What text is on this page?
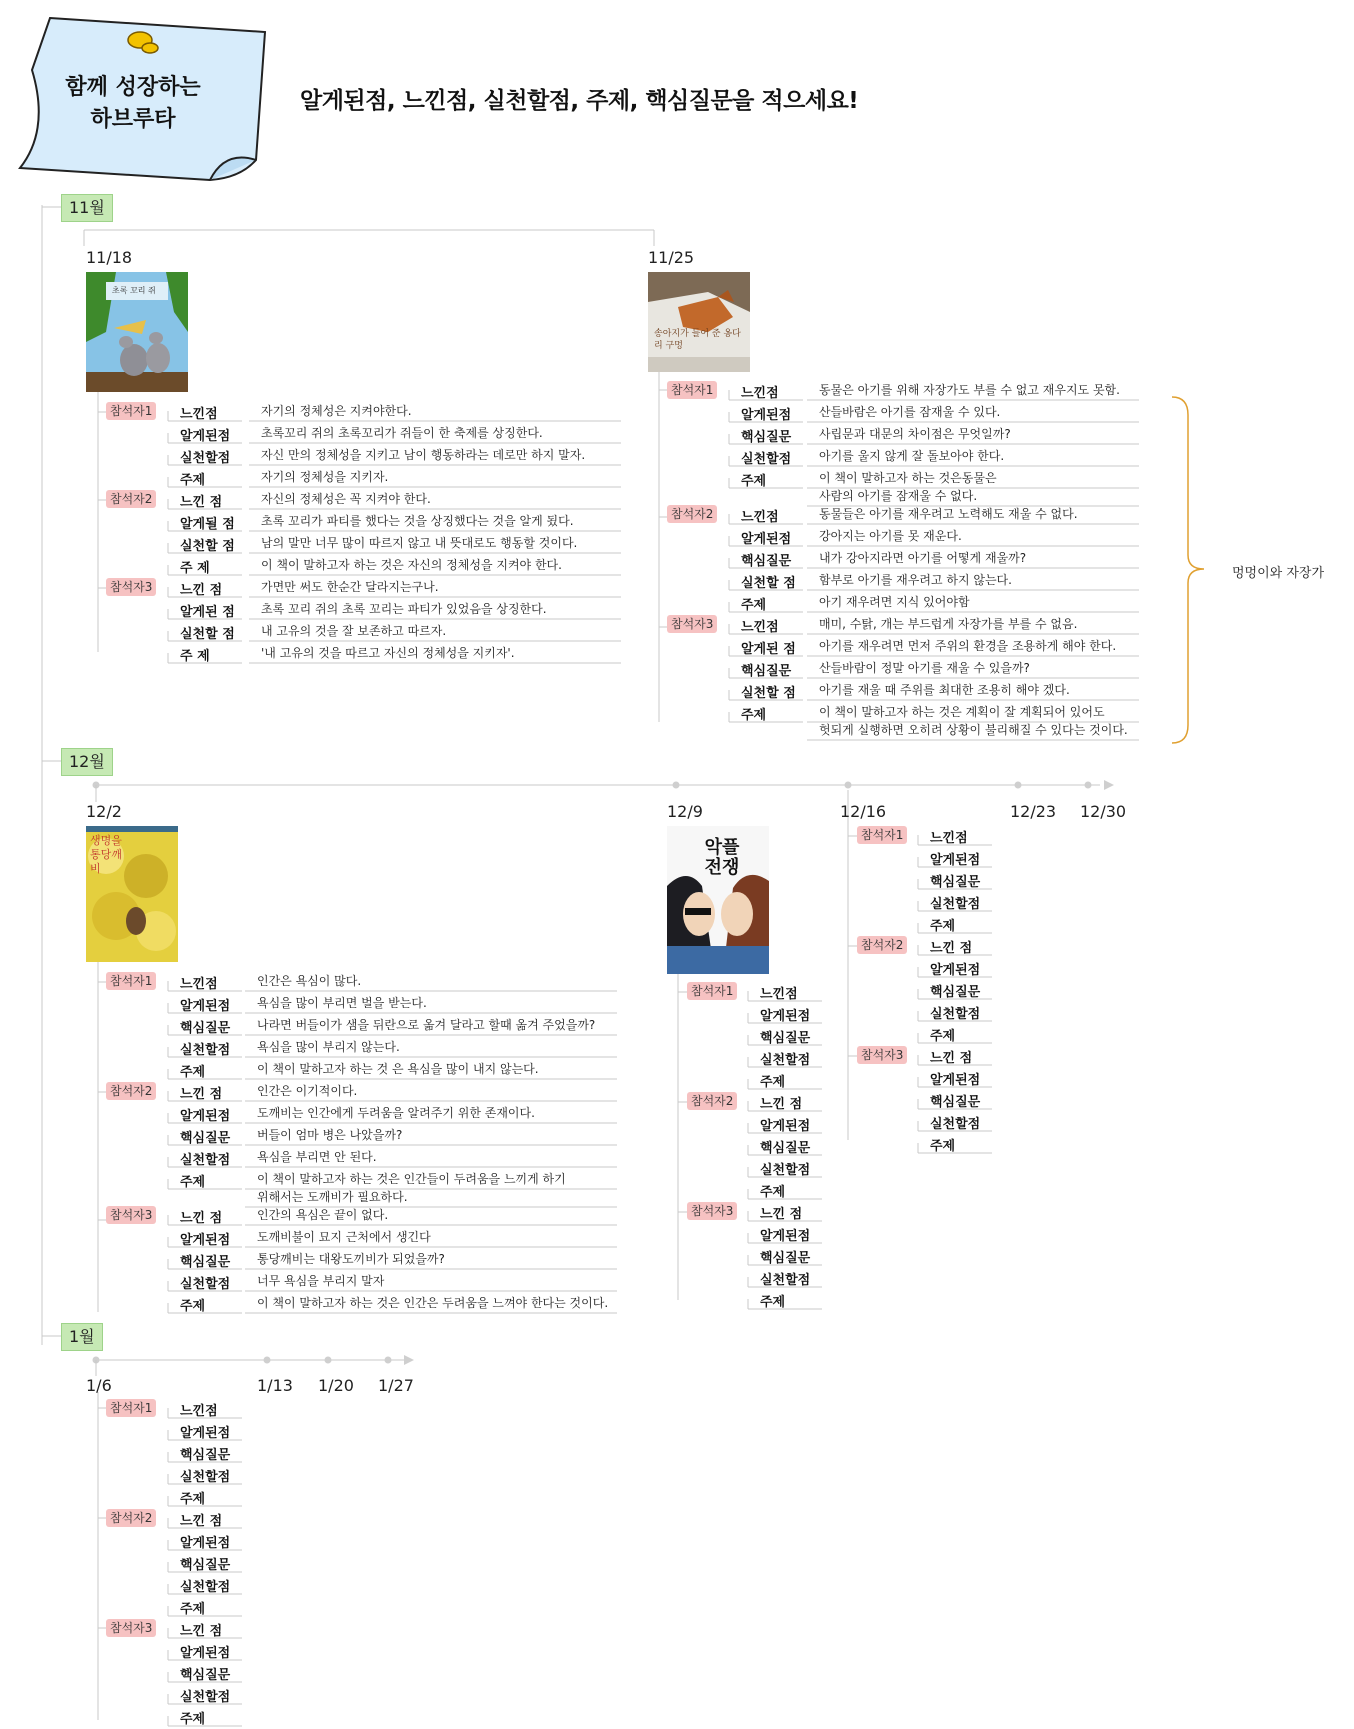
함께 성장하는
하브루타
알게된점, 느낀점, 실천할점, 주제, 핵심질문을 적으세요!
11월
12월
1월
11/18	11/25
12/2	12/9	12/16	12/23 12/30
1/6	1/13 1/20 1/27
초록 꼬리 쥐
송아지가 들어 준 옹다리 구멍
생명을 통당깨비
악플 전쟁
멍멍이와 자장가
참석자1	느낀점	자기의 정체성은 지켜야한다.
알게된점	초록꼬리 쥐의 초록꼬리가 쥐들이 한 축제를 상징한다.
실천할점	자신 만의 정체성을 지키고 남이 행동하라는 데로만 하지 말자.
주제	자기의 정체성을 지키자.
참석자2	느낀 점	자신의 정체성은 꼭 지켜야 한다.
알게될 점 초록 꼬리가 파티를 했다는 것을 상징했다는 것을 알게 됬다.
실천할 점 남의 말만 너무 많이 따르지 않고 내 뜻대로도 행동할 것이다.
주 제	이 책이 말하고자 하는 것은 자신의 정체성을 지켜야 한다.
참석자3	느낀 점	가면만 써도 한순간 달라지는구나.
알게된 점 초록 꼬리 쥐의 초록 꼬리는 파티가 있었음을 상징한다.
실천할 점 내 고유의 것을 잘 보존하고 따르자.
주 제	'내 고유의 것을 따르고 자신의 정체성을 지키자'.
참석자1	느낀점	동물은 아기를 위해 자장가도 부를 수 없고 재우지도 못함.
알게된점 산들바람은 아기를 잠재울 수 있다.
핵심질문 사립문과 대문의 차이점은 무엇일까?
실천할점 아기를 울지 않게 잘 돌보아야 한다.
주제	이 책이 말하고자 하는 것은동물은
사람의 아기를 잠재울 수 없다.
참석자2	느낀점	동물들은 아기를 재우려고 노력해도 재울 수 없다.
알게된점 강아지는 아기를 못 재운다.
핵심질문 내가 강아지라면 아기를 어떻게 재울까?
실천할 점 함부로 아기를 재우려고 하지 않는다.
주제	아기 재우려면 지식 있어야함
참석자3	느낀점	매미, 수탉, 개는 부드럽게 자장가를 부를 수 없음.
알게된 점 아기를 재우려면 먼저 주위의 환경을 조용하게 해야 한다.
핵심질문 산들바람이 정말 아기를 재울 수 있을까?
실천할 점 아기를 재울 때 주위를 최대한 조용히 해야 겠다.
주제	이 책이 말하고자 하는 것은 계획이 잘 계획되어 있어도
헛되게 실행하면 오히려 상황이 불리해질 수 있다는 것이다.
참석자1	느낀점	인간은 욕심이 많다.
알게된점 욕심을 많이 부리면 벌을 받는다.
핵심질문 나라면 버들이가 샘을 뒤란으로 옮겨 달라고 할때 옮겨 주었을까?
실천할점 욕심을 많이 부리지 않는다.
주제	이 책이 말하고자 하는 것 은 욕심을 많이 내지 않는다.
참석자2	느낀 점	인간은 이기적이다.
알게된점 도깨비는 인간에게 두려움을 알려주기 위한 존재이다.
핵심질문 버들이 엄마 병은 나았을까?
실천할점 욕심을 부리면 안 된다.
주제	이 책이 말하고자 하는 것은 인간들이 두려움을 느끼게 하기
위해서는 도깨비가 필요하다.
참석자3	느낀 점	인간의 욕심은 끝이 없다.
알게된점 도깨비불이 묘지 근처에서 생긴다
핵심질문 통당깨비는 대왕도끼비가 되었을까?
실천할점 너무 욕심을 부리지 말자
주제	이 책이 말하고자 하는 것은 인간은 두려움을 느껴야 한다는 것이다.
참석자1	느낀점
알게된점
핵심질문
실천할점
주제
참석자2	느낀 점
알게된점
핵심질문
실천할점
주제
참석자3	느낀 점
알게된점
핵심질문
실천할점
주제
참석자1	느낀점
알게된점
핵심질문
실천할점
주제
참석자2	느낀 점
알게된점
핵심질문
실천할점
주제
참석자3	느낀 점
알게된점
핵심질문
실천할점
주제
참석자1	느낀점
알게된점
핵심질문
실천할점
주제
참석자2	느낀 점
알게된점
핵심질문
실천할점
주제
참석자3	느낀 점
알게된점
핵심질문
실천할점
주제
